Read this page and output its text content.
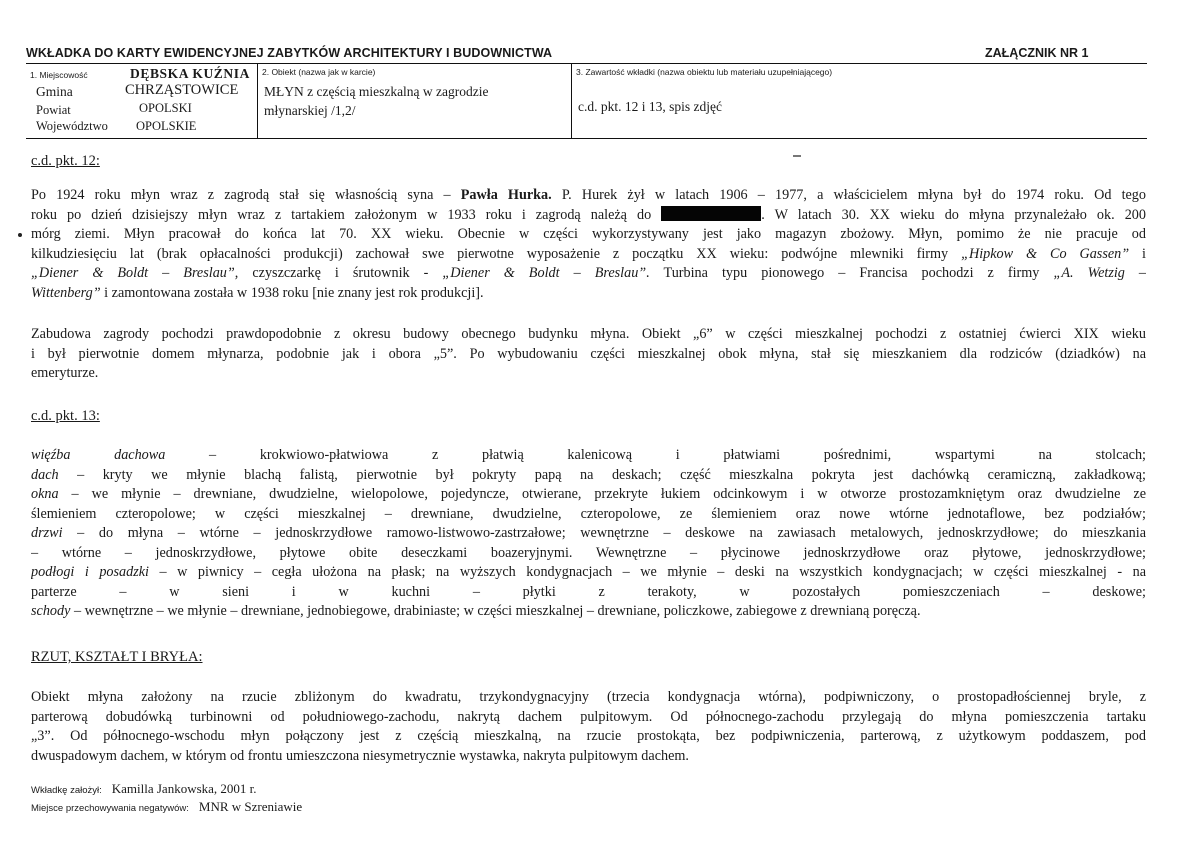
WKŁADKA DO KARTY EWIDENCYJNEJ ZABYTKÓW ARCHITEKTURY I BUDOWNICTWA	ZAŁĄCZNIK NR 1
1. Miejscowość	DĘBSKA KUŹNIA
Gmina	CHRZĄSTOWICE
Powiat	OPOLSKI
Województwo OPOLSKIE
2. Obiekt (nazwa jak w karcie)
MŁYN z częścią mieszkalną w zagrodzie
młynarskiej /1,2/
3. Zawartość wkładki (nazwa obiektu lub materiału uzupełniającego)
c.d. pkt. 12 i 13, spis zdjęć
c.d. pkt. 12:
Po 1924 roku młyn wraz z zagrodą stał się własnością syna – Pawła Hurka. P. Hurek żył w latach 1906 – 1977, a właścicielem młyna był do 1974 roku. Od tego
roku po dzień dzisiejszy młyn wraz z tartakiem założonym w 1933 roku i zagrodą należą do	. W latach 30. XX wieku do młyna przynależało ok. 200
mórg ziemi. Młyn pracował do końca lat 70. XX wieku. Obecnie w części wykorzystywany jest jako magazyn zbożowy. Młyn, pomimo że nie pracuje od
kilkudziesięciu lat (brak opłacalności produkcji) zachował swe pierwotne wyposażenie z początku XX wieku: podwójne mlewniki firmy „Hipkow & Co Gassen” i
„Diener & Boldt – Breslau”, czyszczarkę i śrutownik - „Diener & Boldt – Breslau”. Turbina typu pionowego – Francisa pochodzi z firmy „A. Wetzig –
Wittenberg” i zamontowana została w 1938 roku [nie znany jest rok produkcji].
Zabudowa zagrody pochodzi prawdopodobnie z okresu budowy obecnego budynku młyna. Obiekt „6” w części mieszkalnej pochodzi z ostatniej ćwierci XIX wieku
i był pierwotnie domem młynarza, podobnie jak i obora „5”. Po wybudowaniu części mieszkalnej obok młyna, stał się mieszkaniem dla rodziców (dziadków) na
emeryturze.
c.d. pkt. 13:
więźba dachowa – krokwiowo-płatwiowa z płatwią kalenicową i płatwiami pośrednimi, wspartymi na stolcach;
dach – kryty we młynie blachą falistą, pierwotnie był pokryty papą na deskach; część mieszkalna pokryta jest dachówką ceramiczną, zakładkową;
okna – we młynie – drewniane, dwudzielne, wielopolowe, pojedyncze, otwierane, przekryte łukiem odcinkowym i w otworze prostozamkniętym oraz dwudzielne ze
ślemieniem czteropolowe; w części mieszkalnej – drewniane, dwudzielne, czteropolowe, ze ślemieniem oraz nowe wtórne jednotaflowe, bez podziałów;
drzwi – do młyna – wtórne – jednoskrzydłowe ramowo-listwowo-zastrzałowe; wewnętrzne – deskowe na zawiasach metalowych, jednoskrzydłowe; do mieszkania
– wtórne – jednoskrzydłowe, płytowe obite deseczkami boazeryjnymi. Wewnętrzne – płycinowe jednoskrzydłowe oraz płytowe, jednoskrzydłowe;
podłogi i posadzki – w piwnicy – cegła ułożona na płask; na wyższych kondygnacjach – we młynie – deski na wszystkich kondygnacjach; w części mieszkalnej - na
parterze – w sieni i w kuchni – płytki z terakoty, w pozostałych pomieszczeniach – deskowe;
schody – wewnętrzne – we młynie – drewniane, jednobiegowe, drabiniaste; w części mieszkalnej – drewniane, policzkowe, zabiegowe z drewnianą poręczą.
RZUT, KSZTAŁT I BRYŁA:
Obiekt młyna założony na rzucie zbliżonym do kwadratu, trzykondygnacyjny (trzecia kondygnacja wtórna), podpiwniczony, o prostopadłościennej bryle, z
parterową dobudówką turbinowni od południowego-zachodu, nakrytą dachem pulpitowym. Od północnego-zachodu przylegają do młyna pomieszczenia tartaku
„3”. Od północnego-wschodu młyn połączony jest z częścią mieszkalną, na rzucie prostokąta, bez podpiwniczenia, parterową, z użytkowym poddaszem, pod
dwuspadowym dachem, w którym od frontu umieszczona niesymetrycznie wystawka, nakryta pulpitowym dachem.
Wkładkę założył: Kamilla Jankowska, 2001 r.
Miejsce przechowywania negatywów: MNR w Szreniawie
